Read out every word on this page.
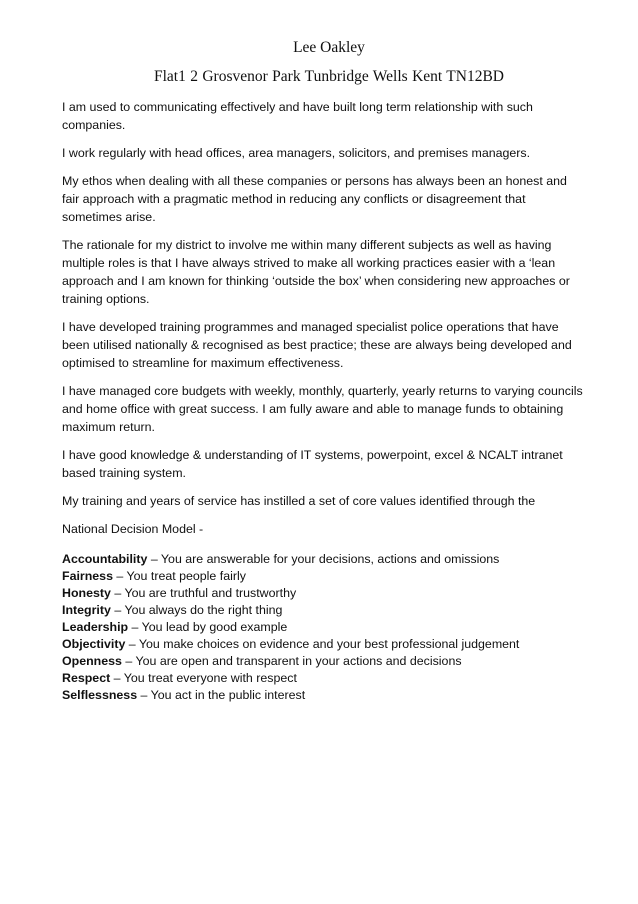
Lee Oakley

Flat1 2 Grosvenor Park Tunbridge Wells Kent TN12BD

I am used to communicating effectively and have built long term relationship with such companies.

I work regularly with head offices, area managers, solicitors, and premises managers.

My ethos when dealing with all these companies or persons has always been an honest and fair approach with a pragmatic method in reducing any conflicts or disagreement that sometimes arise.

The rationale for my district to involve me within many different subjects as well as having multiple roles is that I have always strived to make all working practices easier with a ‘lean approach and I am known for thinking ‘outside the box’ when considering new approaches or training options.

I have developed training programmes and managed specialist police operations that have been utilised nationally & recognised as best practice; these are always being developed and optimised to streamline for maximum effectiveness.

I have managed core budgets with weekly, monthly, quarterly, yearly returns to varying councils and home office with great success. I am fully aware and able to manage funds to obtaining maximum return.

I have good knowledge & understanding of IT systems, powerpoint, excel & NCALT intranet based training system.

My training and years of service has instilled a set of core values identified through the

National Decision Model -

Accountability – You are answerable for your decisions, actions and omissions
Fairness – You treat people fairly
Honesty – You are truthful and trustworthy
Integrity – You always do the right thing
Leadership – You lead by good example
Objectivity – You make choices on evidence and your best professional judgement
Openness – You are open and transparent in your actions and decisions
Respect – You treat everyone with respect
Selflessness – You act in the public interest
